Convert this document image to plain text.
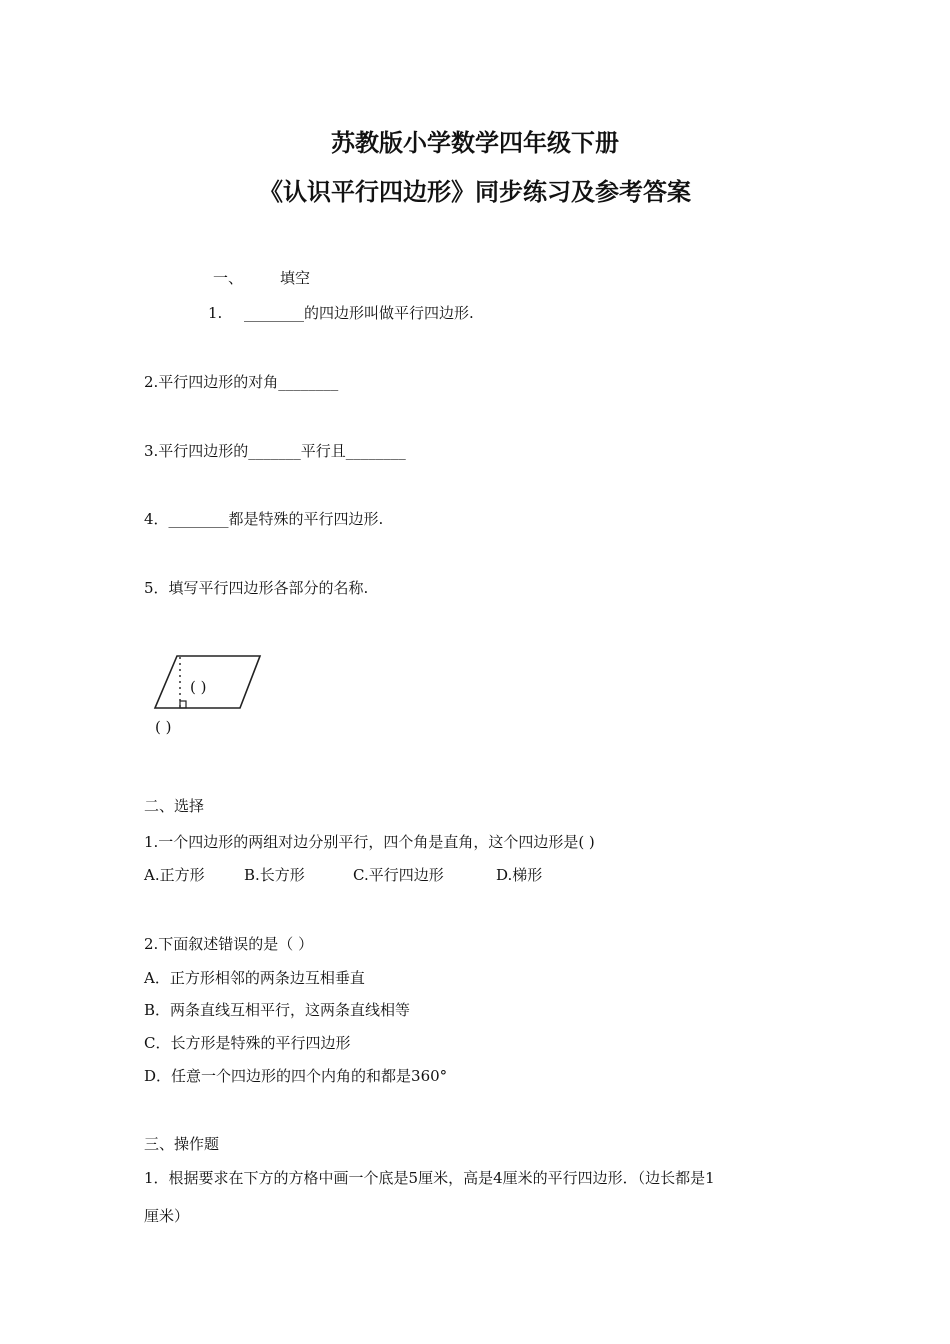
苏教版小学数学四年级下册
《认识平行四边形》同步练习及参考答案
一、 填空
1. ________的四边形叫做平行四边形.
2.平行四边形的对角________
3.平行四边形的_______平行且________
4．________都是特殊的平行四边形.
5．填写平行四边形各部分的名称.
( )
( )
二、选择
1.一个四边形的两组对边分别平行，四个角是直角，这个四边形是( )
A.正方形	B.长方形	C.平行四边形	D.梯形
2.下面叙述错误的是（ ）
A．正方形相邻的两条边互相垂直
B．两条直线互相平行，这两条直线相等
C．长方形是特殊的平行四边形
D．任意一个四边形的四个内角的和都是360°
三、操作题
1．根据要求在下方的方格中画一个底是5厘米，高是4厘米的平行四边形．（边长都是1
厘米）
